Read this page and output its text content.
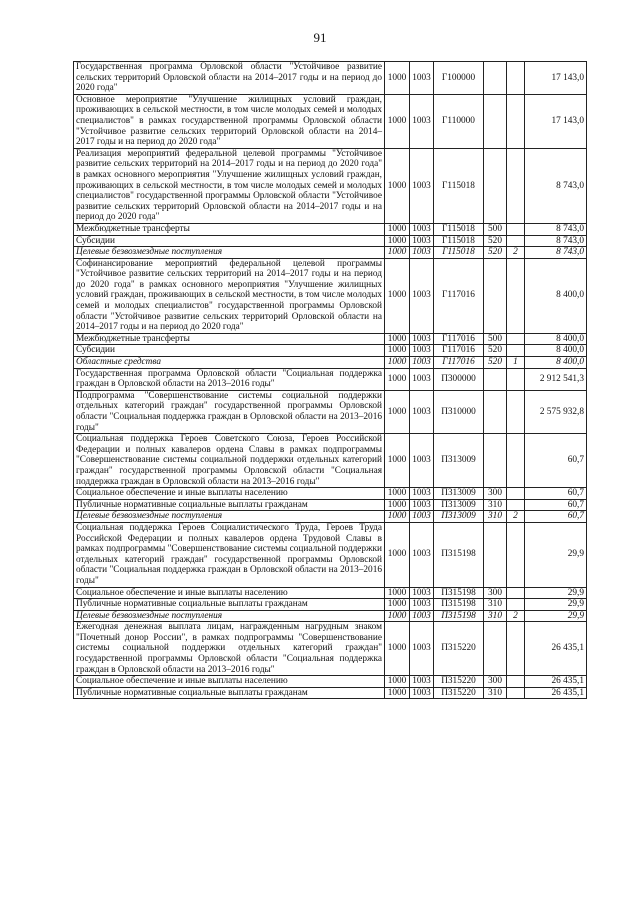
91
Государственная программа Орловской области "Устойчивое развитие сельских территорий Орловской области на 2014–2017 годы и на период до 2020 года"	1000	1003	Г100000			17 143,0
Основное мероприятие "Улучшение жилищных условий граждан, проживающих в сельской местности, в том числе молодых семей и молодых специалистов" в рамках государственной программы Орловской области "Устойчивое развитие сельских территорий Орловской области на 2014–2017 годы и на период до 2020 года"	1000	1003	Г110000			17 143,0
Реализация мероприятий федеральной целевой программы "Устойчивое развитие сельских территорий на 2014–2017 годы и на период до 2020 года" в рамках основного мероприятия "Улучшение жилищных условий граждан, проживающих в сельской местности, в том числе молодых семей и молодых специалистов" государственной программы Орловской области "Устойчивое развитие сельских территорий Орловской области на 2014–2017 годы и на период до 2020 года"	1000	1003	Г115018			8 743,0
Межбюджетные трансферты	1000	1003	Г115018	500		8 743,0
Субсидии	1000	1003	Г115018	520		8 743,0
Целевые безвозмездные поступления	1000	1003	Г115018	520	2	8 743,0
Софинансирование мероприятий федеральной целевой программы "Устойчивое развитие сельских территорий на 2014–2017 годы и на период до 2020 года" в рамках основного мероприятия "Улучшение жилищных условий граждан, проживающих в сельской местности, в том числе молодых семей и молодых специалистов" государственной программы Орловской области "Устойчивое развитие сельских территорий Орловской области на 2014–2017 годы и на период до 2020 года"	1000	1003	Г117016			8 400,0
Межбюджетные трансферты	1000	1003	Г117016	500		8 400,0
Субсидии	1000	1003	Г117016	520		8 400,0
Областные средства	1000	1003	Г117016	520	1	8 400,0
Государственная программа Орловской области "Социальная поддержка граждан в Орловской области на 2013–2016 годы"	1000	1003	П300000			2 912 541,3
Подпрограмма "Совершенствование системы социальной поддержки отдельных категорий граждан" государственной программы Орловской области "Социальная поддержка граждан в Орловской области на 2013–2016 годы"	1000	1003	П310000			2 575 932,8
Социальная поддержка Героев Советского Союза, Героев Российской Федерации и полных кавалеров ордена Славы в рамках подпрограммы "Совершенствование системы социальной поддержки отдельных категорий граждан" государственной программы Орловской области "Социальная поддержка граждан в Орловской области на 2013–2016 годы"	1000	1003	П313009			60,7
Социальное обеспечение и иные выплаты населению	1000	1003	П313009	300		60,7
Публичные нормативные социальные выплаты гражданам	1000	1003	П313009	310		60,7
Целевые безвозмездные поступления	1000	1003	П313009	310	2	60,7
Социальная поддержка Героев Социалистического Труда, Героев Труда Российской Федерации и полных кавалеров ордена Трудовой Славы в рамках подпрограммы "Совершенствование системы социальной поддержки отдельных категорий граждан" государственной программы Орловской области "Социальная поддержка граждан в Орловской области на 2013–2016 годы"	1000	1003	П315198			29,9
Социальное обеспечение и иные выплаты населению	1000	1003	П315198	300		29,9
Публичные нормативные социальные выплаты гражданам	1000	1003	П315198	310		29,9
Целевые безвозмездные поступления	1000	1003	П315198	310	2	29,9
Ежегодная денежная выплата лицам, награжденным нагрудным знаком "Почетный донор России", в рамках подпрограммы "Совершенствование системы социальной поддержки отдельных категорий граждан" государственной программы Орловской области "Социальная поддержка граждан в Орловской области на 2013–2016 годы"	1000	1003	П315220			26 435,1
Социальное обеспечение и иные выплаты населению	1000	1003	П315220	300		26 435,1
Публичные нормативные социальные выплаты гражданам	1000	1003	П315220	310		26 435,1
